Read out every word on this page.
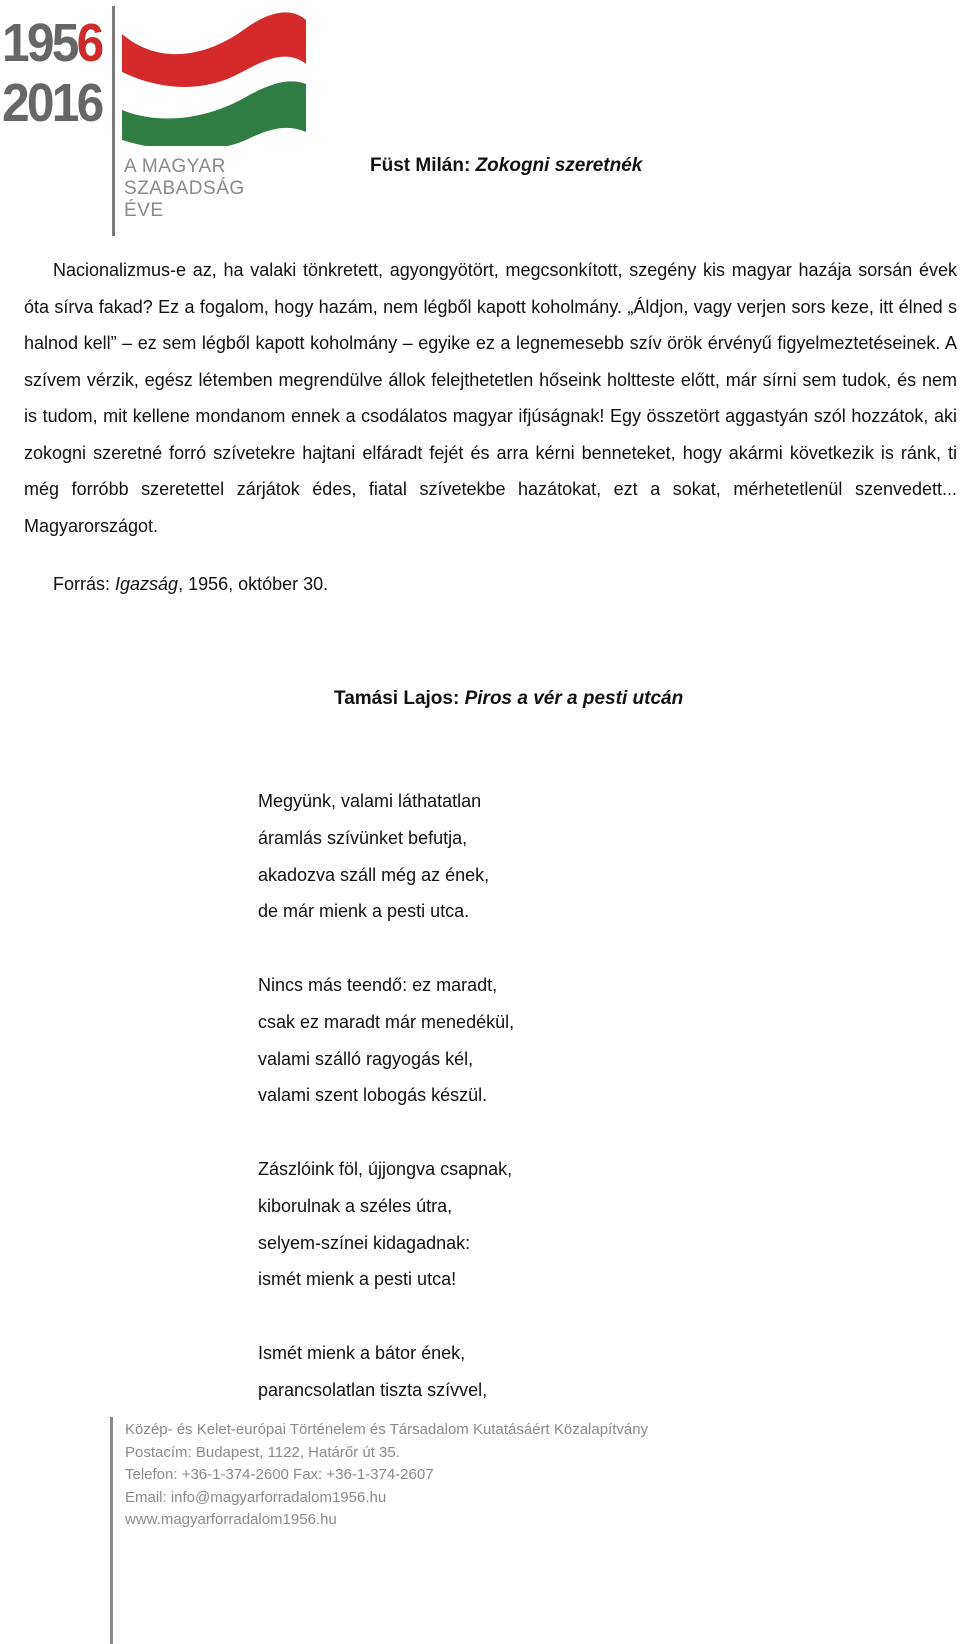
1956
2016
A MAGYAR
SZABADSÁG
ÉVE
Füst Milán: Zokogni szeretnék
Nacionalizmus-e az, ha valaki tönkretett, agyongyötört, megcsonkított, szegény kis magyar hazája sorsán évek óta sírva fakad? Ez a fogalom, hogy hazám, nem légből kapott koholmány. „Áldjon, vagy verjen sors keze, itt élned s halnod kell” – ez sem légből kapott koholmány – egyike ez a legnemesebb szív örök érvényű figyelmeztetéseinek. A szívem vérzik, egész létemben megrendülve állok felejthetetlen hőseink holtteste előtt, már sírni sem tudok, és nem is tudom, mit kellene mondanom ennek a csodálatos magyar ifjúságnak! Egy összetört aggastyán szól hozzátok, aki zokogni szeretné forró szívetekre hajtani elfáradt fejét és arra kérni benneteket, hogy akármi következik is ránk, ti még forróbb szeretettel zárjátok édes, fiatal szívetekbe hazátokat, ezt a sokat, mérhetetlenül szenvedett... Magyarországot.
Forrás: Igazság, 1956, október 30.
Tamási Lajos: Piros a vér a pesti utcán
Megyünk, valami láthatatlan
áramlás szívünket befutja,
akadozva száll még az ének,
de már mienk a pesti utca.
Nincs más teendő: ez maradt,
csak ez maradt már menedékül,
valami szálló ragyogás kél,
valami szent lobogás készül.
Zászlóink föl, újjongva csapnak,
kiborulnak a széles útra,
selyem-színei kidagadnak:
ismét mienk a pesti utca!
Ismét mienk a bátor ének,
parancsolatlan tiszta szívvel,
Közép- és Kelet-európai Történelem és Társadalom Kutatásáért Közalapítvány
Postacím: Budapest, 1122, Határőr út 35.
Telefon: +36-1-374-2600 Fax: +36-1-374-2607
Email: info@magyarforradalom1956.hu
www.magyarforradalom1956.hu
